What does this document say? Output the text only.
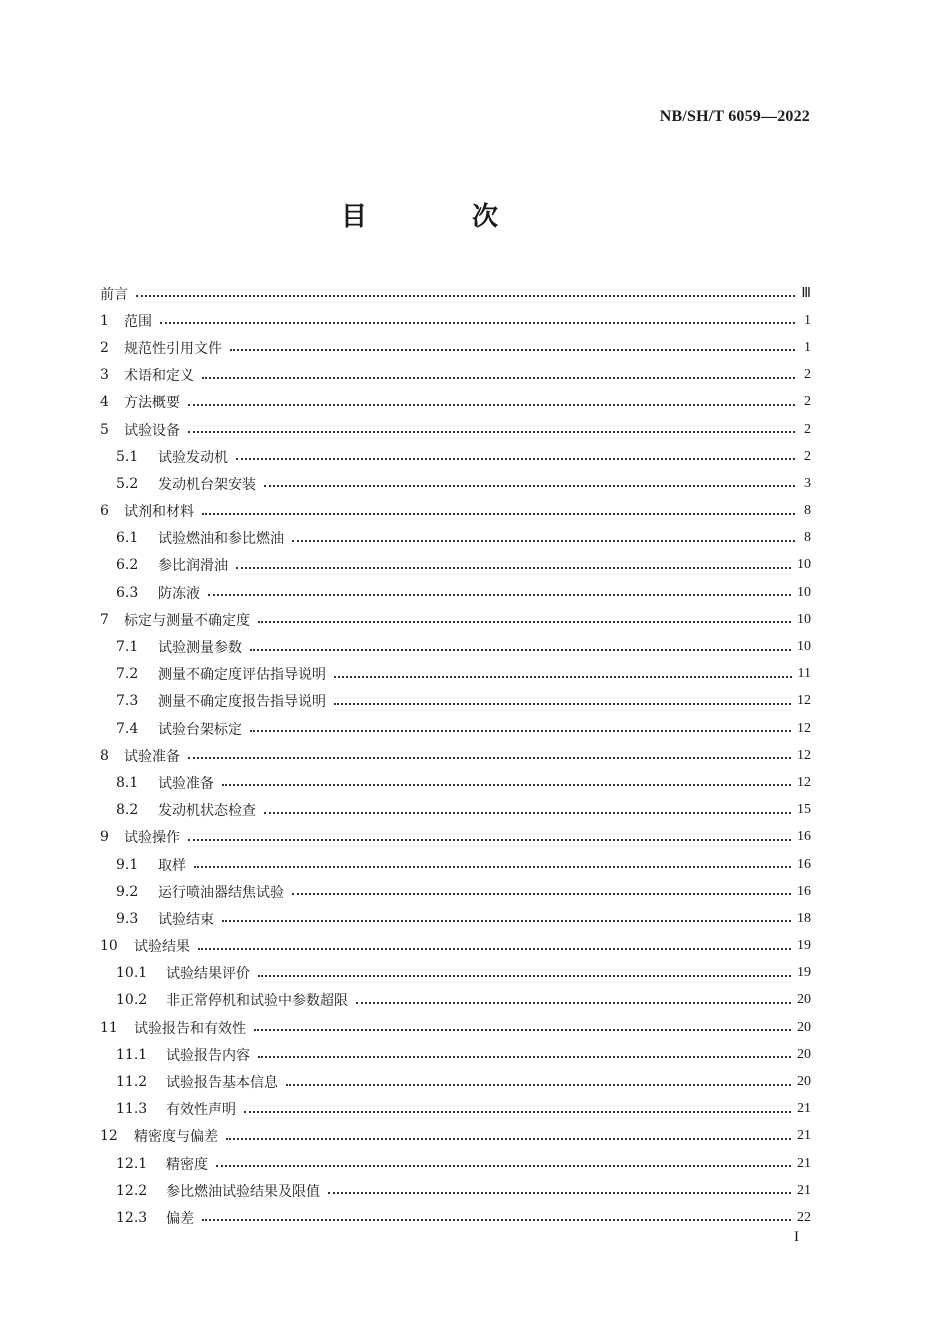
NB/SH/T 6059—2022
目 次
前言	Ⅲ
1	范围	1
2	规范性引用文件	1
3	术语和定义	2
4	方法概要	2
5	试验设备	2
5.1	试验发动机	2
5.2	发动机台架安装	3
6	试剂和材料	8
6.1	试验燃油和参比燃油	8
6.2	参比润滑油	10
6.3	防冻液	10
7	标定与测量不确定度	10
7.1	试验测量参数	10
7.2	测量不确定度评估指导说明	11
7.3	测量不确定度报告指导说明	12
7.4	试验台架标定	12
8	试验准备	12
8.1	试验准备	12
8.2	发动机状态检查	15
9	试验操作	16
9.1	取样	16
9.2	运行喷油器结焦试验	16
9.3	试验结束	18
10	试验结果	19
10.1	试验结果评价	19
10.2	非正常停机和试验中参数超限	20
11	试验报告和有效性	20
11.1	试验报告内容	20
11.2	试验报告基本信息	20
11.3	有效性声明	21
12	精密度与偏差	21
12.1	精密度	21
12.2	参比燃油试验结果及限值	21
12.3	偏差	22
I
